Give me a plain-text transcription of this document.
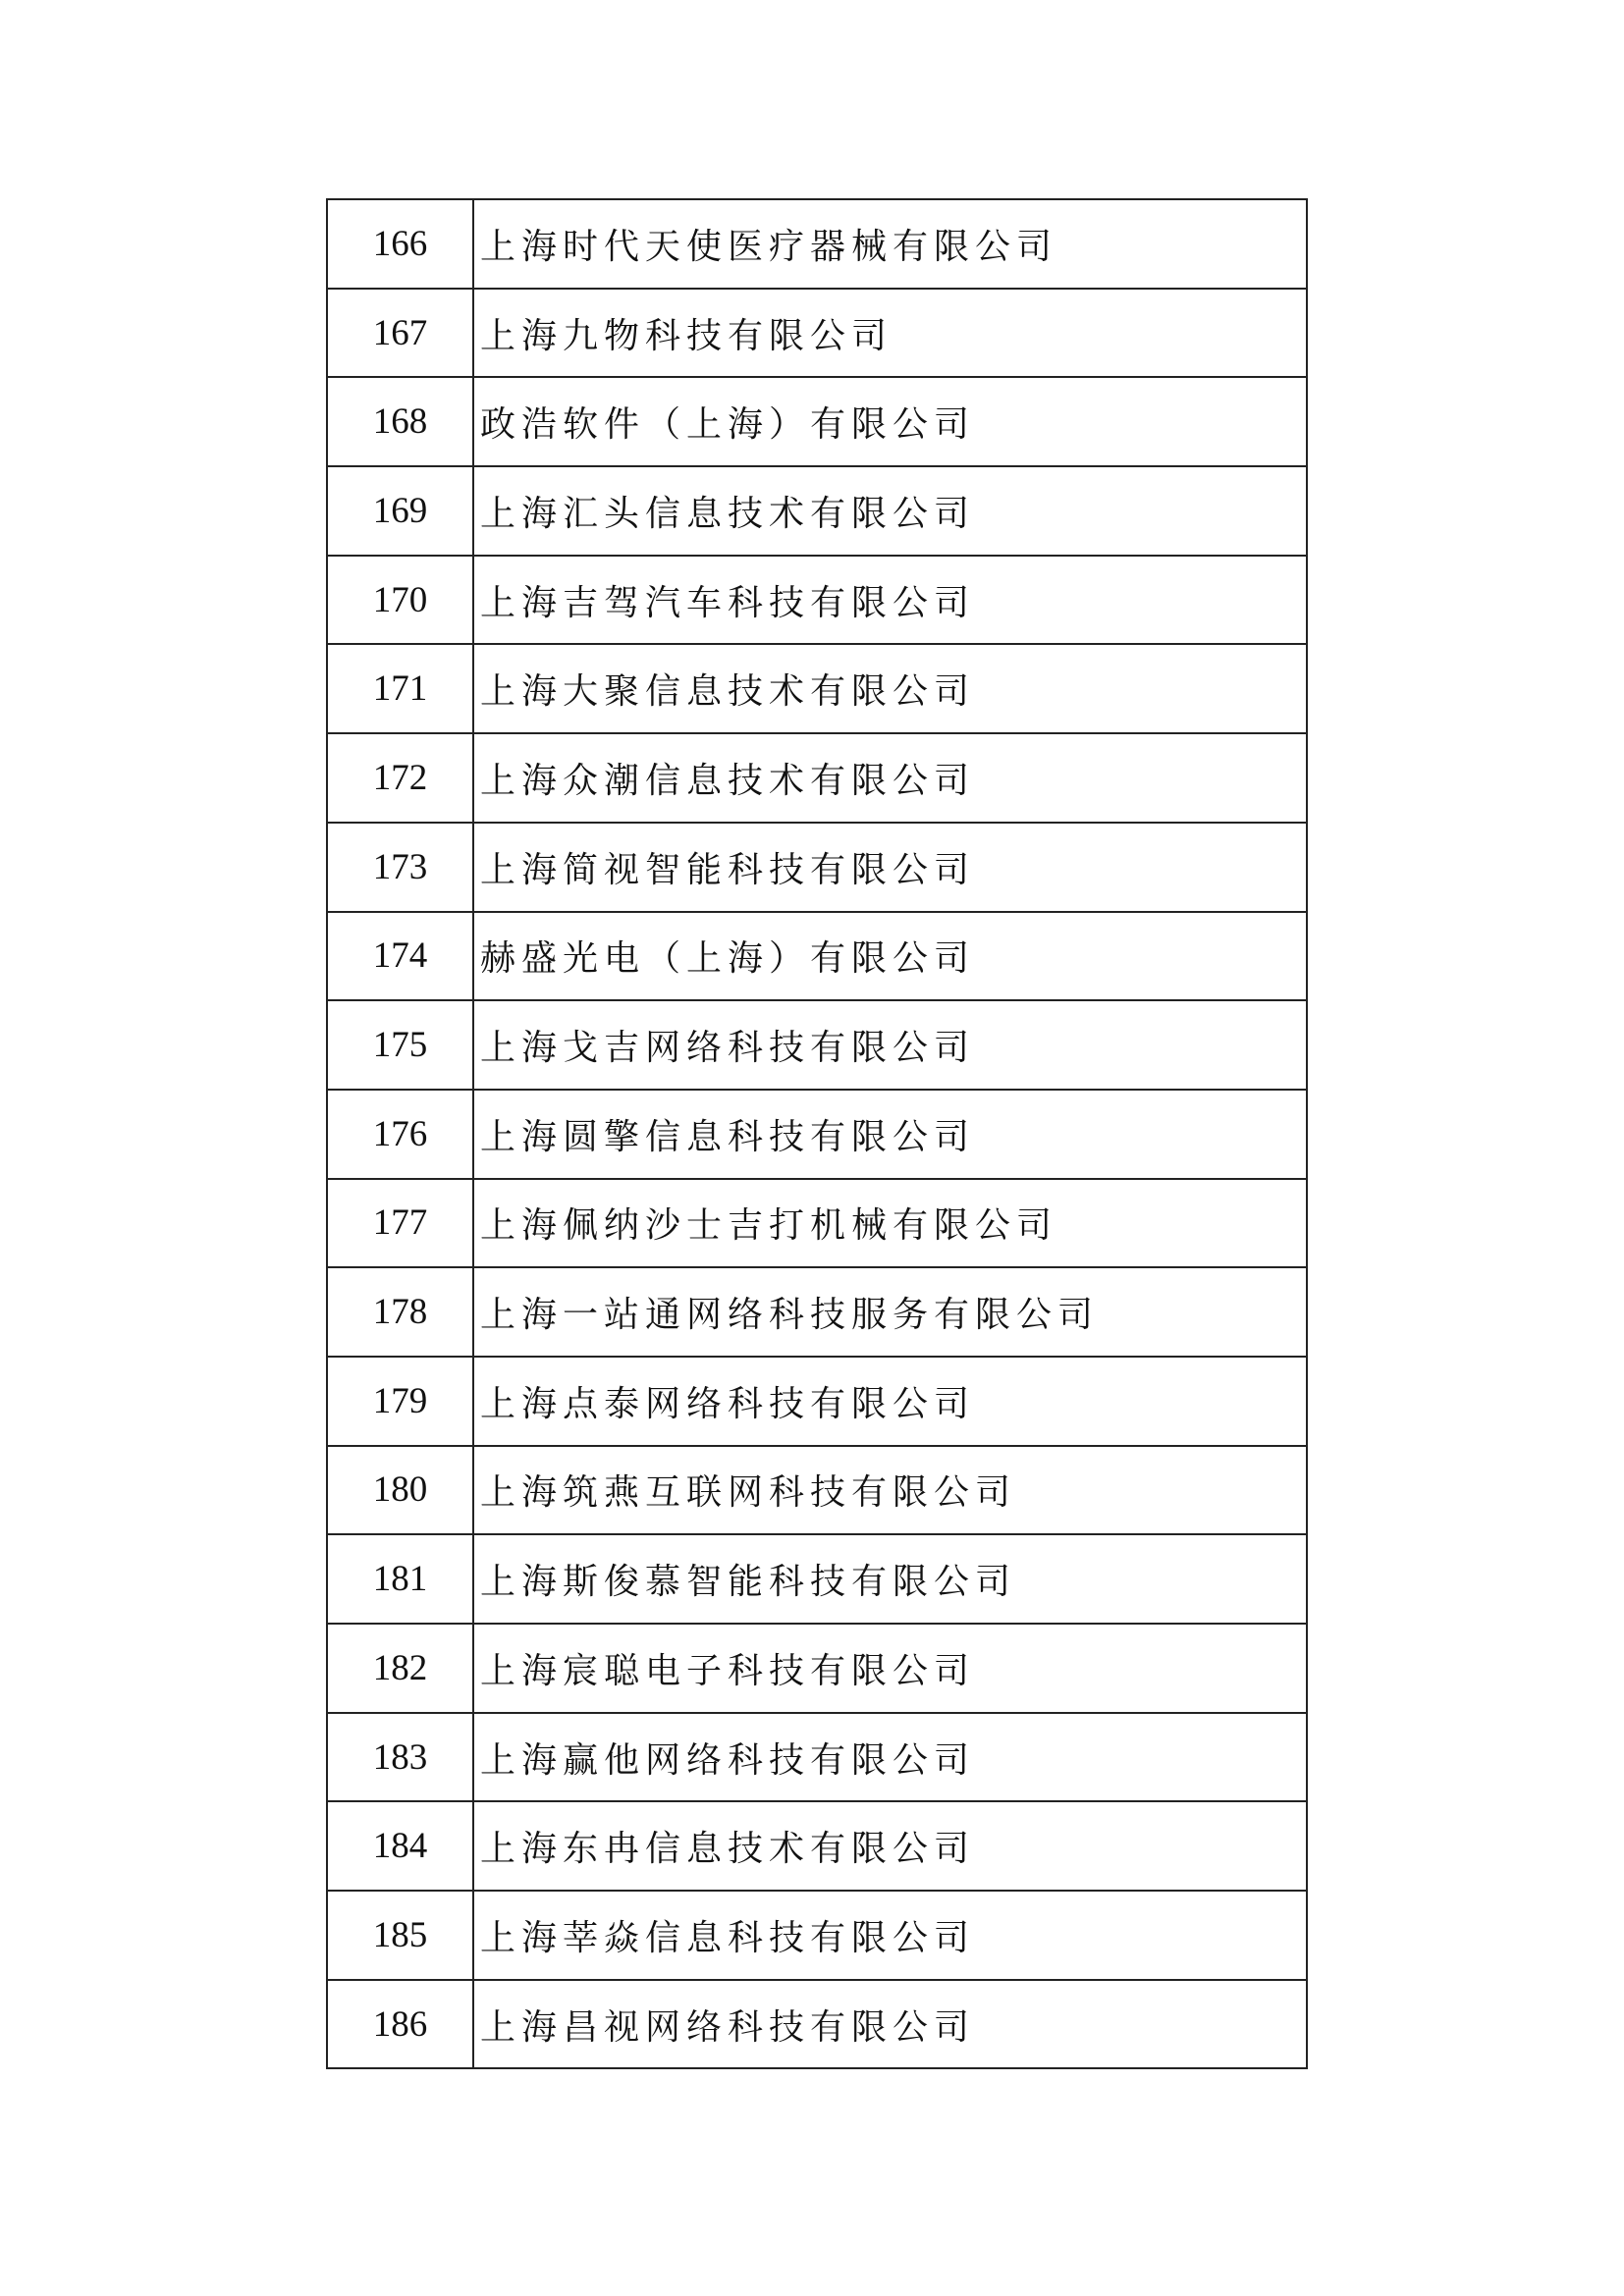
166	上海时代天使医疗器械有限公司
167	上海九物科技有限公司
168	政浩软件（上海）有限公司
169	上海汇头信息技术有限公司
170	上海吉驾汽车科技有限公司
171	上海大聚信息技术有限公司
172	上海众潮信息技术有限公司
173	上海简视智能科技有限公司
174	赫盛光电（上海）有限公司
175	上海戈吉网络科技有限公司
176	上海圆擎信息科技有限公司
177	上海佩纳沙士吉打机械有限公司
178	上海一站通网络科技服务有限公司
179	上海点泰网络科技有限公司
180	上海筑燕互联网科技有限公司
181	上海斯俊慕智能科技有限公司
182	上海宸聪电子科技有限公司
183	上海赢他网络科技有限公司
184	上海东冉信息技术有限公司
185	上海莘焱信息科技有限公司
186	上海昌视网络科技有限公司
